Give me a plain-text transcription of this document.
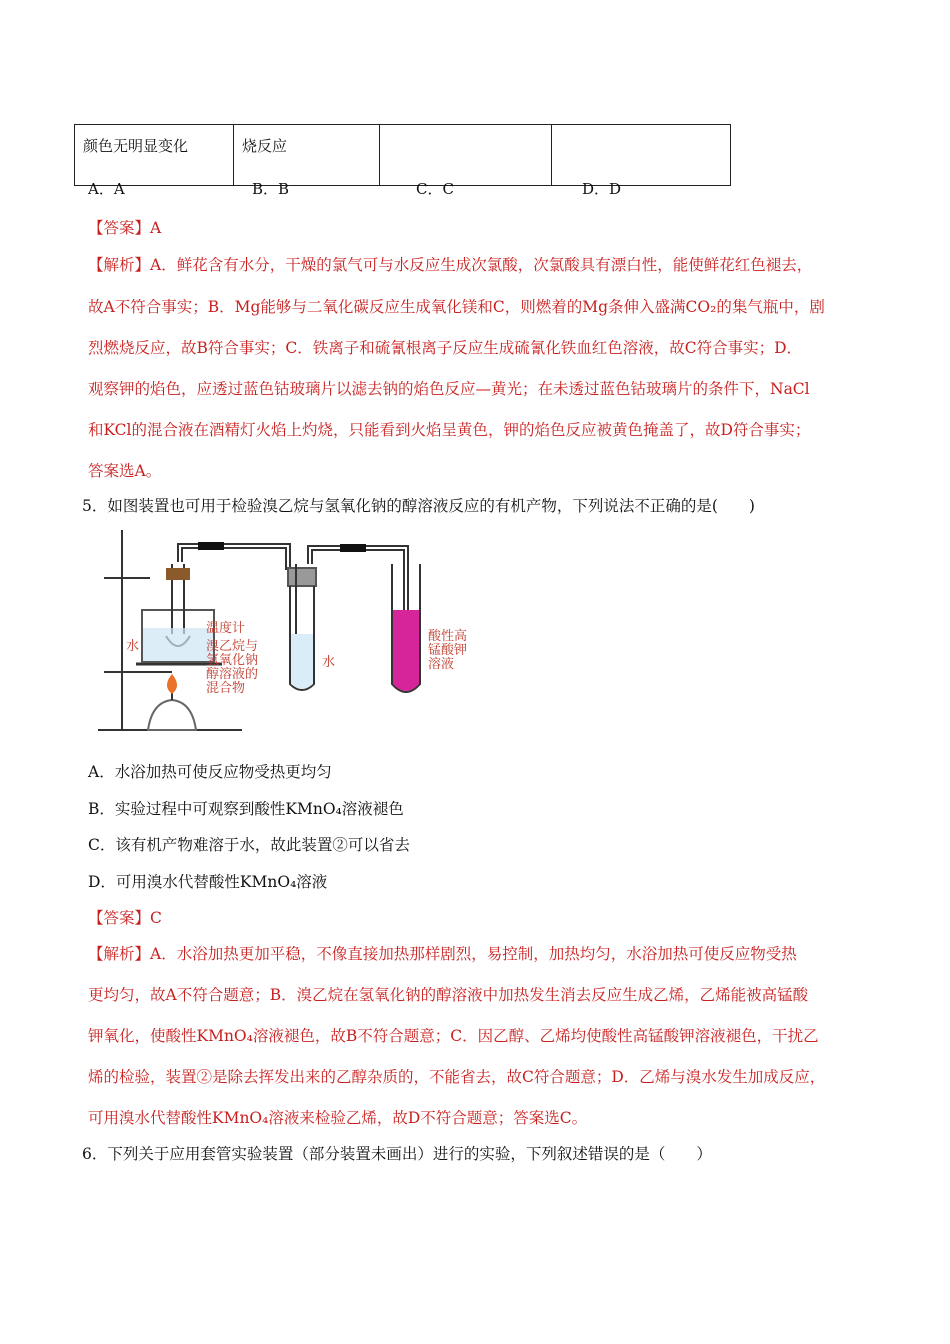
颜色无明显变化	烧反应		
A．A	B．B	C．C	D．D
【答案】A
【解析】A．鲜花含有水分，干燥的氯气可与水反应生成次氯酸，次氯酸具有漂白性，能使鲜花红色褪去，
故A不符合事实；B．Mg能够与二氧化碳反应生成氧化镁和C，则燃着的Mg条伸入盛满CO₂的集气瓶中，剧
烈燃烧反应，故B符合事实；C．铁离子和硫氰根离子反应生成硫氰化铁血红色溶液，故C符合事实；D．
观察钾的焰色，应透过蓝色钴玻璃片以滤去钠的焰色反应—黄光；在未透过蓝色钴玻璃片的条件下，NaCl
和KCl的混合液在酒精灯火焰上灼烧，只能看到火焰呈黄色，钾的焰色反应被黄色掩盖了，故D符合事实；
答案选A。
5．如图装置也可用于检验溴乙烷与氢氧化钠的醇溶液反应的有机产物，下列说法不正确的是(　　)
温度计
水	溴乙烷与
氢氧化钠
醇溶液的
混合物
水
酸性高
锰酸钾
溶液
A．水浴加热可使反应物受热更均匀
B．实验过程中可观察到酸性KMnO₄溶液褪色
C．该有机产物难溶于水，故此装置②可以省去
D．可用溴水代替酸性KMnO₄溶液
【答案】C
【解析】A．水浴加热更加平稳，不像直接加热那样剧烈，易控制，加热均匀，水浴加热可使反应物受热
更均匀，故A不符合题意；B．溴乙烷在氢氧化钠的醇溶液中加热发生消去反应生成乙烯，乙烯能被高锰酸
钾氧化，使酸性KMnO₄溶液褪色，故B不符合题意；C．因乙醇、乙烯均使酸性高锰酸钾溶液褪色，干扰乙
烯的检验，装置②是除去挥发出来的乙醇杂质的，不能省去，故C符合题意；D．乙烯与溴水发生加成反应，
可用溴水代替酸性KMnO₄溶液来检验乙烯，故D不符合题意；答案选C。
6．下列关于应用套管实验装置（部分装置未画出）进行的实验，下列叙述错误的是（　　）
